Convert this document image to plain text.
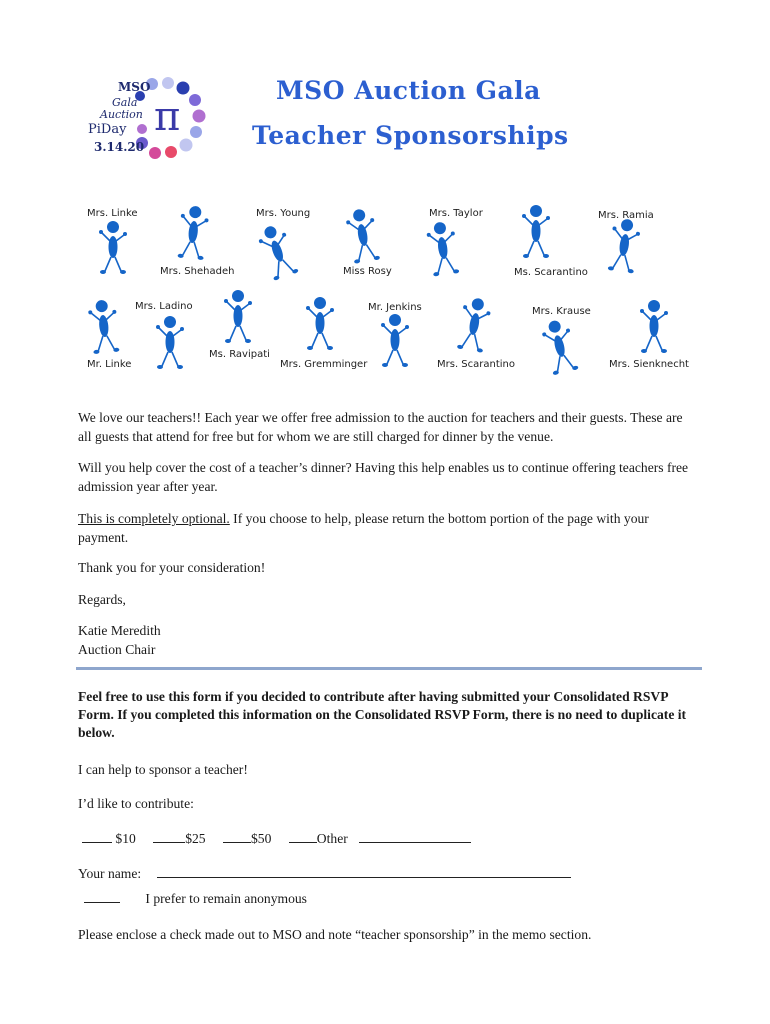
MSO
Gala
Auction
PiDay
3.14.20
π
MSO Auction Gala
Teacher Sponsorships
Mrs. Linke	Mrs. Young	Mrs. Taylor	Mrs. Ramia
Mrs. Shehadeh	Miss Rosy	Ms. Scarantino
Mrs. Ladino	Mr. Jenkins	Mrs. Krause
Ms. Ravipati
Mr. Linke	Mrs. Gremminger	Mrs. Scarantino	Mrs. Sienknecht
We love our teachers!! Each year we offer free admission to the auction for teachers and their guests. These are all guests that attend for free but for whom we are still charged for dinner by the venue.
Will you help cover the cost of a teacher’s dinner? Having this help enables us to continue offering teachers free admission year after year.
This is completely optional. If you choose to help, please return the bottom portion of the page with your payment.
Thank you for your consideration!
Regards,
Katie Meredith
Auction Chair
Feel free to use this form if you decided to contribute after having submitted your Consolidated RSVP Form. If you completed this information on the Consolidated RSVP Form, there is no need to duplicate it below.
I can help to sponsor a teacher!
I’d like to contribute:
$10	$25	$50	Other
Your name:
I prefer to remain anonymous
Please enclose a check made out to MSO and note “teacher sponsorship” in the memo section.
